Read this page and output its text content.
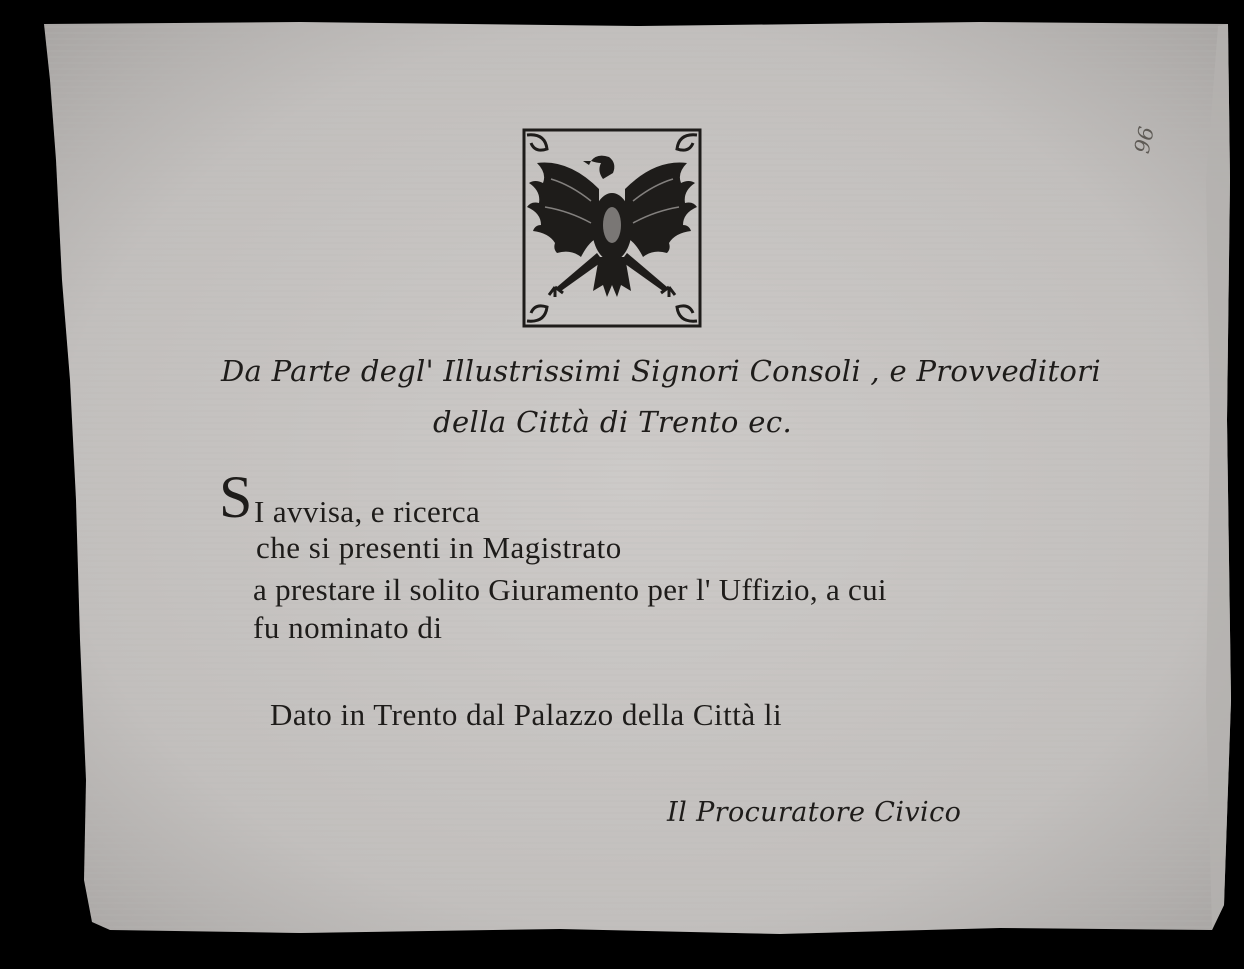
Da Parte degl' Illustrissimi Signori Consoli , e Provveditori

della Città di Trento ec.

S I avvisa, e ricerca

che si presenti in Magistrato

a prestare il solito Giuramento per l' Uffizio, a cui

fu nominato di

Dato in Trento dal Palazzo della Città li

Il Procuratore Civico

96
